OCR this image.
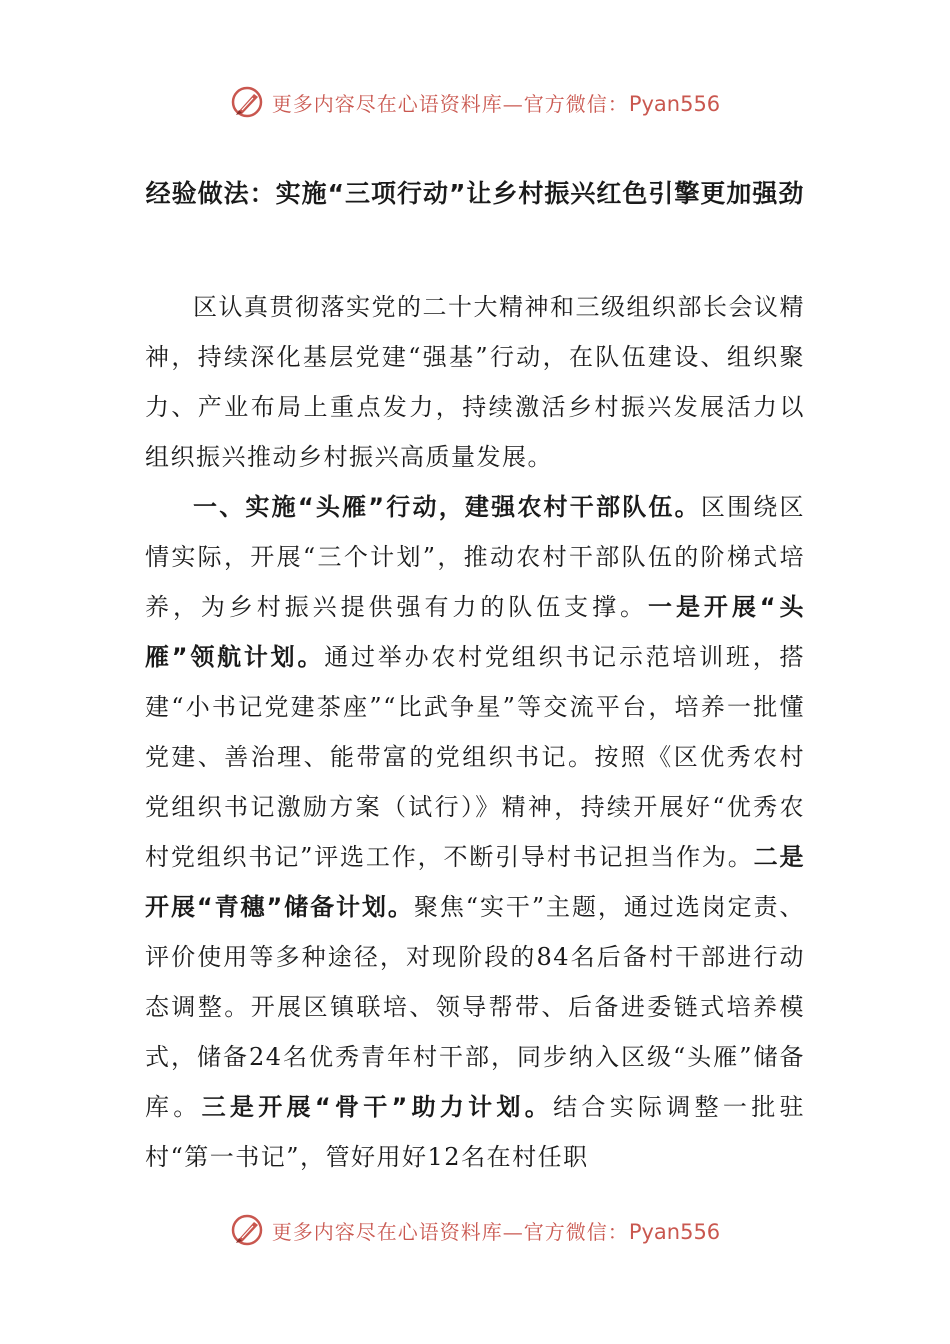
更多内容尽在心语资料库—官方微信：Pyan556
经验做法：实施“三项行动”让乡村振兴红色引擎更加强劲

区认真贯彻落实党的二十大精神和三级组织部长会议精神，持续深化基层党建“强基”行动，在队伍建设、组织聚力、产业布局上重点发力，持续激活乡村振兴发展活力以组织振兴推动乡村振兴高质量发展。

一、实施“头雁”行动，建强农村干部队伍。区围绕区情实际，开展“三个计划”，推动农村干部队伍的阶梯式培养，为乡村振兴提供强有力的队伍支撑。一是开展“头雁”领航计划。通过举办农村党组织书记示范培训班，搭建“小书记党建茶座”“比武争星”等交流平台，培养一批懂党建、善治理、能带富的党组织书记。按照《区优秀农村党组织书记激励方案（试行）》精神，持续开展好“优秀农村党组织书记”评选工作，不断引导村书记担当作为。二是开展“青穗”储备计划。聚焦“实干”主题，通过选岗定责、评价使用等多种途径，对现阶段的84名后备村干部进行动态调整。开展区镇联培、领导帮带、后备进委链式培养模式，储备24名优秀青年村干部，同步纳入区级“头雁”储备库。三是开展“骨干”助力计划。结合实际调整一批驻村“第一书记”，管好用好12名在村任职

更多内容尽在心语资料库—官方微信：Pyan556
